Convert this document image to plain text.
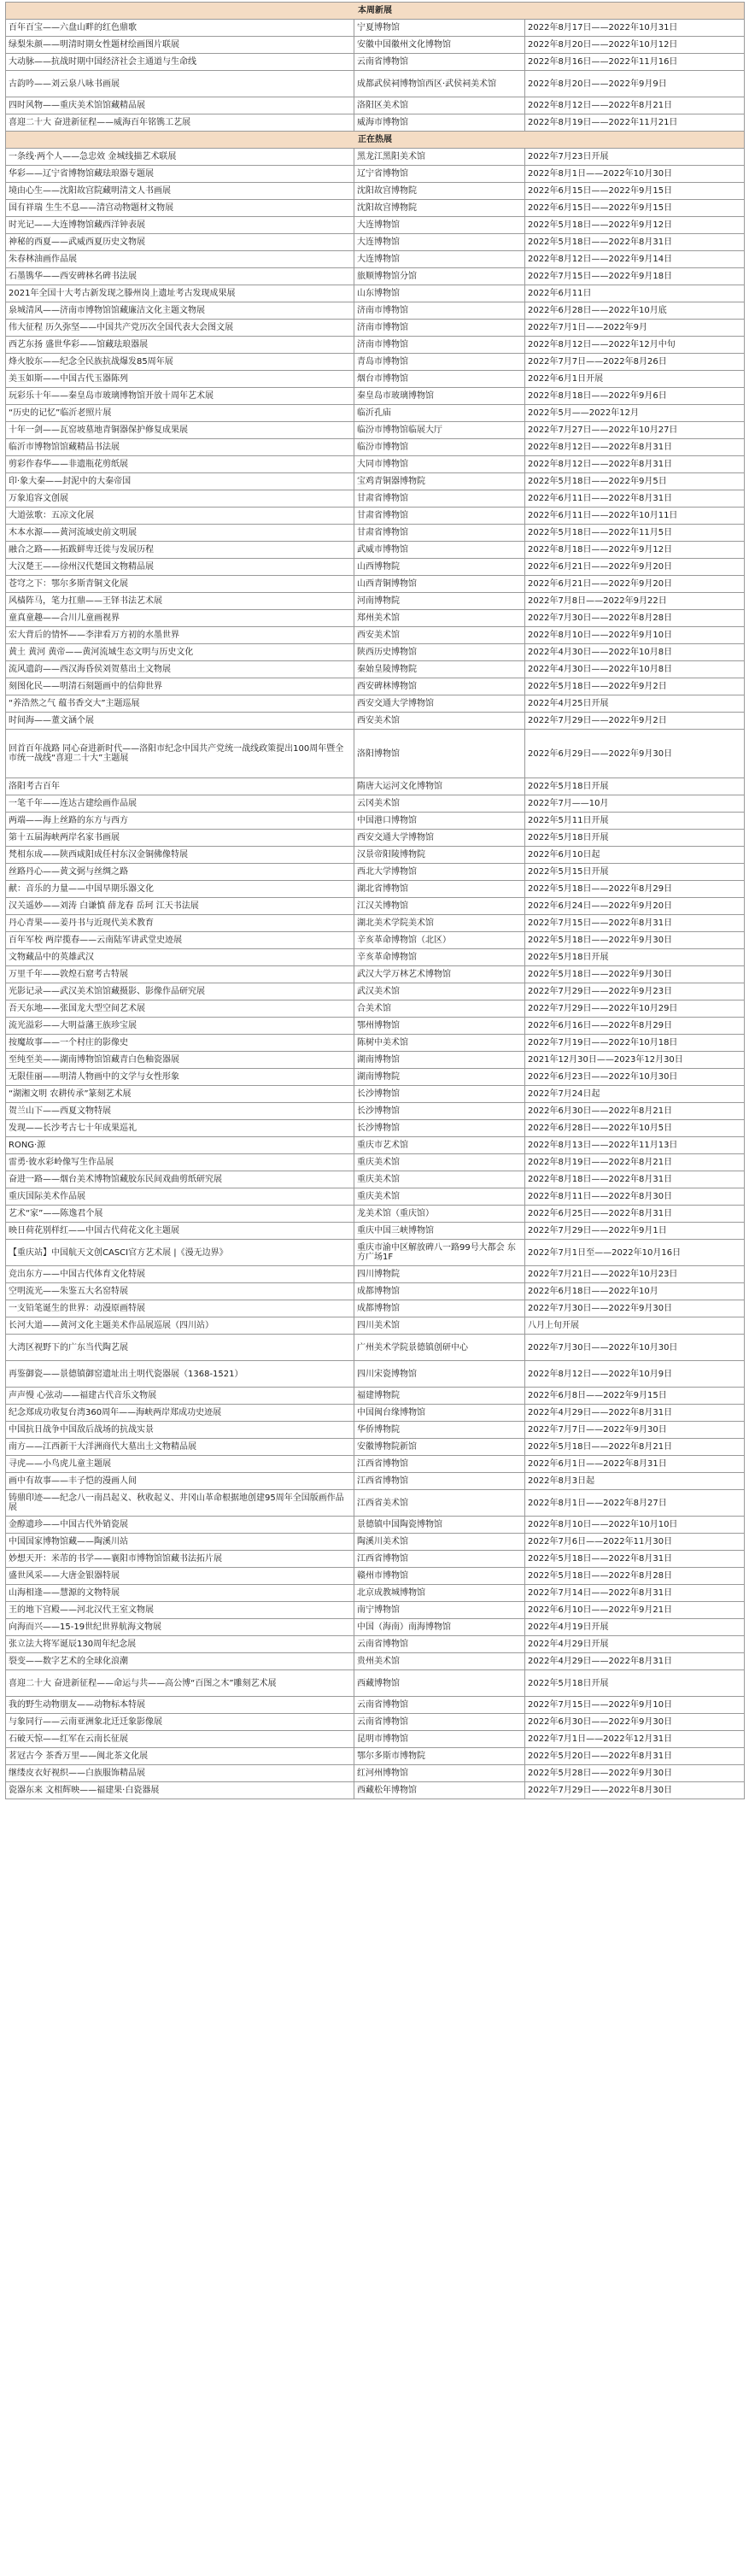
本周新展		
百年百宝——六盘山畔的红色鼎歌	宁夏博物馆	2022年8月17日——2022年10月31日
绿梨朱颜——明清时期女性题材绘画图片联展	安徽中国徽州文化博物馆	2022年8月20日——2022年10月12日
大动脉——抗战时期中国经济社会主通道与生命线	云南省博物馆	2022年8月16日——2022年11月16日
古韵吟——刘云泉八咏书画展	成都武侯祠博物馆西区·武侯祠美术馆	2022年8月20日——2022年9月9日
四时风物——重庆美术馆馆藏精品展	洛阳区美术馆	2022年8月12日——2022年8月21日
喜迎二十大 奋进新征程——威海百年铭镌工艺展	威海市博物馆	2022年8月19日——2022年11月21日
正在热展		
一条线·两个人——急忠效 金城线描艺术联展	黑龙江黑阳美术馆	2022年7月23日开展
华彩——辽宁省博物馆藏珐琅器专题展	辽宁省博物馆	2022年8月1日——2022年10月30日
境由心生——沈阳故宫院藏明清文人书画展	沈阳故宫博物院	2022年6月15日——2022年9月15日
国有祥瑞 生生不息——清宫动物题材文物展	沈阳故宫博物院	2022年6月15日——2022年9月15日
时光记——大连博物馆藏西洋钟表展	大连博物馆	2022年5月18日——2022年9月12日
神秘的西夏——武威西夏历史文物展	大连博物馆	2022年5月18日——2022年8月31日
朱春林油画作品展	大连博物馆	2022年8月12日——2022年9月14日
石墨镌华——西安碑林名碑书法展	旅顺博物馆分馆	2022年7月15日——2022年9月18日
2021年全国十大考古新发现之滕州岗上遗址考古发现成果展	山东博物馆	2022年6月11日
泉城清风——济南市博物馆馆藏廉洁文化主题文物展	济南市博物馆	2022年6月28日——2022年10月底
伟大征程 历久弥坚——中国共产党历次全国代表大会图文展	济南市博物馆	2022年7月1日——2022年9月
西艺东扬 盛世华彩——馆藏珐琅器展	济南市博物馆	2022年8月12日——2022年12月中旬
烽火胶东——纪念全民族抗战爆发85周年展	青岛市博物馆	2022年7月7日——2022年8月26日
美玉如斯——中国古代玉器陈列	烟台市博物馆	2022年6月1日开展
玩彩乐十年——秦皇岛市玻璃博物馆开放十周年艺术展	秦皇岛市玻璃博物馆	2022年8月18日——2022年9月6日
“历史的记忆”临沂老照片展	临沂孔庙	2022年5月——2022年12月
十年一剑——瓦窑坡墓地青铜器保护修复成果展	临汾市博物馆临展大厅	2022年7月27日——2022年10月27日
临沂市博物馆馆藏精品书法展	临汾市博物馆	2022年8月12日——2022年8月31日
剪彩作春华——非遗瓶花剪纸展	大同市博物馆	2022年8月12日——2022年8月31日
印·象大秦——封泥中的大秦帝国	宝鸡青铜器博物院	2022年5月18日——2022年9月5日
万象追容文创展	甘肃省博物馆	2022年6月11日——2022年8月31日
大道弦歌：五凉文化展	甘肃省博物馆	2022年6月11日——2022年10月11日
木本水源——黄河流域史前文明展	甘肃省博物馆	2022年5月18日——2022年11月5日
融合之路——拓跋鲜卑迁徙与发展历程	武威市博物馆	2022年8月18日——2022年9月12日
大汉楚王——徐州汉代楚国文物精品展	山西博物院	2022年6月21日——2022年9月20日
苍穹之下：鄂尔多斯青铜文化展	山西青铜博物馆	2022年6月21日——2022年9月20日
风樯阵马，笔力扛鼎——王铎书法艺术展	河南博物院	2022年7月8日——2022年9月22日
童真童趣——合川儿童画视界	郑州美术馆	2022年7月30日——2022年8月28日
宏大背后的情怀——李津看万方初的水墨世界	西安美术馆	2022年8月10日——2022年9月10日
黄土 黄河 黄帝——黄河流域生态文明与历史文化	陕西历史博物馆	2022年4月30日——2022年10月8日
流风遗韵——西汉海昏侯刘贺墓出土文物展	秦始皇陵博物院	2022年4月30日——2022年10月8日
刻图化民——明清石刻题画中的信仰世界	西安碑林博物馆	2022年5月18日——2022年9月2日
“养浩然之气 蕴书香交大”主题巡展	西安交通大学博物馆	2022年4月25日开展
时间海——董文涵个展	西安美术馆	2022年7月29日——2022年9月2日
回首百年战路 同心奋进新时代——洛阳市纪念中国共产党统一战线政策提出100周年暨全市统一战线“喜迎二十大”主题展	洛阳博物馆	2022年6月29日——2022年9月30日
洛阳考古百年	隋唐大运河文化博物馆	2022年5月18日开展
一笔千年——连达古建绘画作品展	云冈美术馆	2022年7月——10月
两端——海上丝路的东方与西方	中国港口博物馆	2022年5月11日开展
第十五届海峡两岸名家书画展	西安交通大学博物馆	2022年5月18日开展
梵相东成——陕西咸阳成任村东汉金铜佛像特展	汉景帝阳陵博物院	2022年6月10日起
丝路丹心——黄文弼与丝绸之路	西北大学博物馆	2022年5月15日开展
献：音乐的力量——中国早期乐器文化	湖北省博物馆	2022年5月18日——2022年8月29日
汉关遥妙——刘涛 白谦慎 薛龙春 岳珂 江天书法展	江汉关博物馆	2022年6月24日——2022年9月20日
丹心青果——姜丹书与近现代美术教育	湖北美术学院美术馆	2022年7月15日——2022年8月31日
百年军校 两岸揽春——云南陆军讲武堂史迹展	辛亥革命博物馆（北区）	2022年5月18日——2022年9月30日
文物藏品中的英雄武汉	辛亥革命博物馆	2022年5月18日开展
万里千年——敦煌石窟考古特展	武汉大学万林艺术博物馆	2022年5月18日——2022年9月30日
光影记录——武汉美术馆馆藏摄影、影像作品研究展	武汉美术馆	2022年7月29日——2022年9月23日
吾天东地——张国龙大型空间艺术展	合美术馆	2022年7月29日——2022年10月29日
流光溢彩——大明益藩王族珍宝展	鄂州博物馆	2022年6月16日——2022年8月29日
按魔故事——一个村庄的影像史	陈树中美术馆	2022年7月19日——2022年10月18日
至纯至美——湖南博物馆馆藏青白色釉瓷器展	湖南博物馆	2021年12月30日——2023年12月30日
无限佳丽——明清人物画中的文学与女性形象	湖南博物院	2022年6月23日——2022年10月30日
“湖湘文明 农耕传承”篆刻艺术展	长沙博物馆	2022年7月24日起
贺兰山下——西夏文物特展	长沙博物馆	2022年6月30日——2022年8月21日
发现——长沙考古七十年成果巡礼	长沙博物馆	2022年6月28日——2022年10月5日
RONG·源	重庆市艺术馆	2022年8月13日——2022年11月13日
雷勇·彼水彩岭像写生作品展	重庆美术馆	2022年8月19日——2022年8月21日
奋进一路——烟台美术博物馆藏胶东民间戏曲剪纸研究展	重庆美术馆	2022年8月18日——2022年8月31日
重庆国际美术作品展	重庆美术馆	2022年8月11日——2022年8月30日
艺术“家”——陈逸君个展	龙美术馆（重庆馆）	2022年6月25日——2022年8月31日
映日荷花别样红——中国古代荷花文化主题展	重庆中国三峡博物馆	2022年7月29日——2022年9月1日
【重庆站】中国航天文创CASCI官方艺术展 |《漫无边界》	重庆市渝中区解放碑八一路99号大都会 东方广场1F	2022年7月1日至——2022年10月16日
竞出东方——中国古代体育文化特展	四川博物院	2022年7月21日——2022年10月23日
空明流光——朱鉴五大名窑特展	成都博物馆	2022年6月18日——2022年10月
一支铅笔诞生的世界：动漫原画特展	成都博物馆	2022年7月30日——2022年9月30日
长河大道——黄河文化主题美术作品展巡展（四川站）	四川美术馆	八月上旬开展
大湾区视野下的广东当代陶艺展	广州美术学院景德镇创研中心	2022年7月30日——2022年10月30日
再鉴御瓷——景德镇御窑遗址出土明代瓷器展（1368-1521）	四川宋瓷博物馆	2022年8月12日——2022年10月9日
声声慢 心弦动——福建古代音乐文物展	福建博物院	2022年6月8日——2022年9月15日
纪念郑成功收复台湾360周年——海峡两岸郑成功史迹展	中国闽台缘博物馆	2022年4月29日——2022年8月31日
中国抗日战争中国敌后战场的抗战实景	华侨博物院	2022年7月7日——2022年9月30日
南方——江西新干大洋洲商代大墓出土文物精品展	安徽博物院新馆	2022年5月18日——2022年8月21日
寻虎——小鸟虎儿童主题展	江西省博物馆	2022年6月1日——2022年8月31日
画中有故事——丰子恺的漫画人间	江西省博物馆	2022年8月3日起
铸鼎印迹——纪念八一南昌起义、秋收起义、井冈山革命根据地创建95周年全国版画作品展	江西省美术馆	2022年8月1日——2022年8月27日
金醇遗珍——中国古代外销瓷展	景德镇中国陶瓷博物馆	2022年8月10日——2022年10月10日
中国国家博物馆藏——陶溪川站	陶溪川美术馆	2022年7月6日——2022年11月30日
妙想天开：米芾的书学——襄阳市博物馆馆藏书法拓片展	江西省博物馆	2022年5月18日——2022年8月31日
盛世风采——大唐金银器特展	赣州市博物馆	2022年5月18日——2022年8月28日
山海相逢——慧源的文物特展	北京成教城博物馆	2022年7月14日——2022年8月31日
王的地下宫殿——河北汉代王室文物展	南宁博物馆	2022年6月10日——2022年9月21日
向海而兴——15-19世纪世界航海文物展	中国（海南）南海博物馆	2022年4月19日开展
张立法大将军诞辰130周年纪念展	云南省博物馆	2022年4月29日开展
裂变——数字艺术的全球化浪潮	贵州美术馆	2022年4月29日——2022年8月31日
喜迎二十大 奋进新征程——命运与共——高公博“百图之木”雕刻艺术展	西藏博物馆	2022年5月18日开展
我的野生动物朋友——动物标本特展	云南省博物馆	2022年7月15日——2022年9月10日
与象同行——云南亚洲象北迁迁象影像展	云南省博物馆	2022年6月30日——2022年9月30日
石破天惊——红军在云南长征展	昆明市博物馆	2022年7月1日——2022年12月31日
茗冠古今 茶香万里——闽北茶文化展	鄂尔多斯市博物院	2022年5月20日——2022年8月31日
继缕皮衣好视织——白族服饰精品展	红河州博物馆	2022年5月28日——2022年9月30日
瓷器东来 文相辉映——福建果·白瓷器展	西藏松年博物馆	2022年7月29日——2022年8月30日
